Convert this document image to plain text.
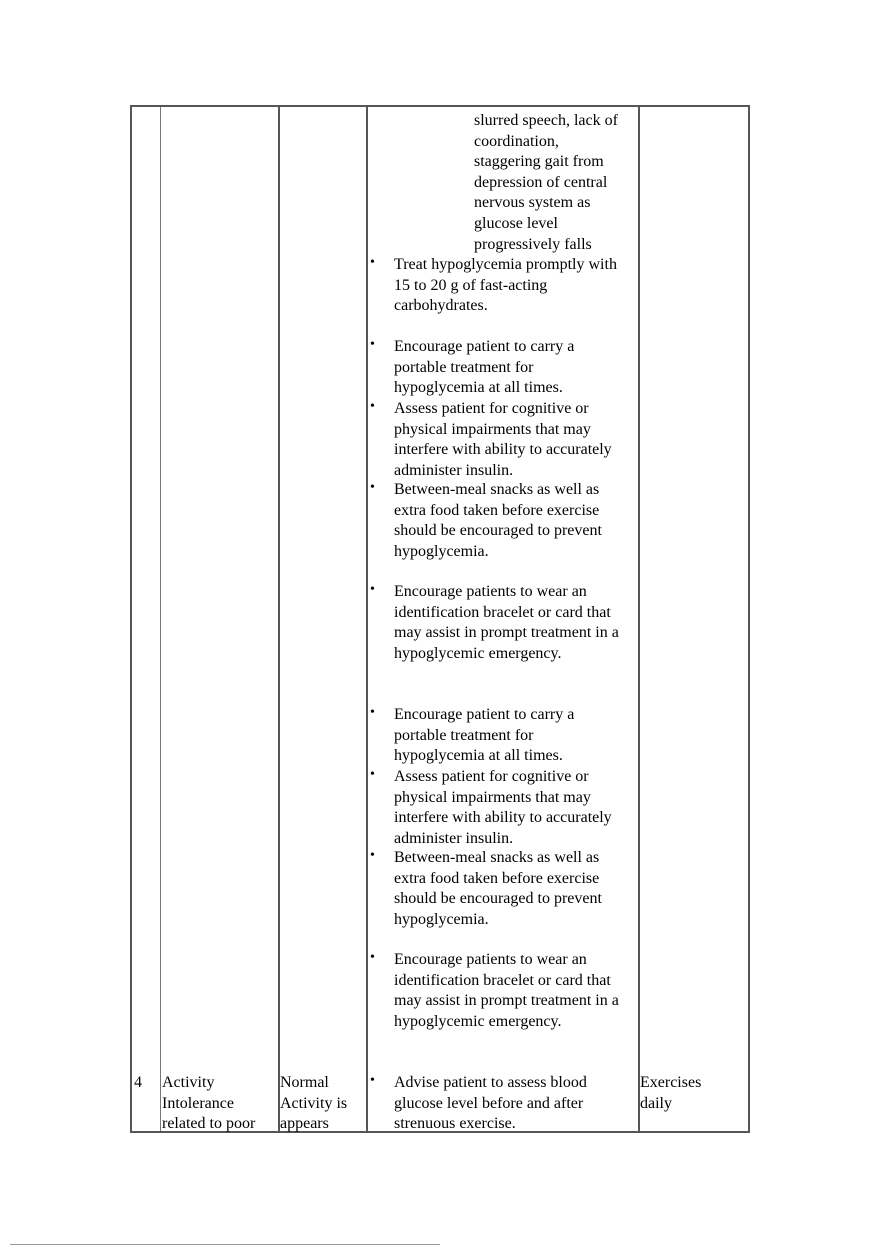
slurred speech, lack of
coordination,
staggering gait from
depression of central
nervous system as
glucose level
progressively falls
• Treat hypoglycemia promptly with 15 to 20 g of fast-acting carbohydrates.

• Encourage patient to carry a portable treatment for hypoglycemia at all times.

• Assess patient for cognitive or physical impairments that may interfere with ability to accurately administer insulin.

• Between-meal snacks as well as extra food taken before exercise should be encouraged to prevent hypoglycemia.

• Encourage patients to wear an identification bracelet or card that may assist in prompt treatment in a hypoglycemic emergency.

• Encourage patient to carry a portable treatment for hypoglycemia at all times.

• Assess patient for cognitive or physical impairments that may interfere with ability to accurately administer insulin.

• Between-meal snacks as well as extra food taken before exercise should be encouraged to prevent hypoglycemia.

• Encourage patients to wear an identification bracelet or card that may assist in prompt treatment in a hypoglycemic emergency.

• Advise patient to assess blood glucose level before and after strenuous exercise.

4 Activity
Intolerance
related to poor
Normal
Activity is
appears
Exercises
daily
